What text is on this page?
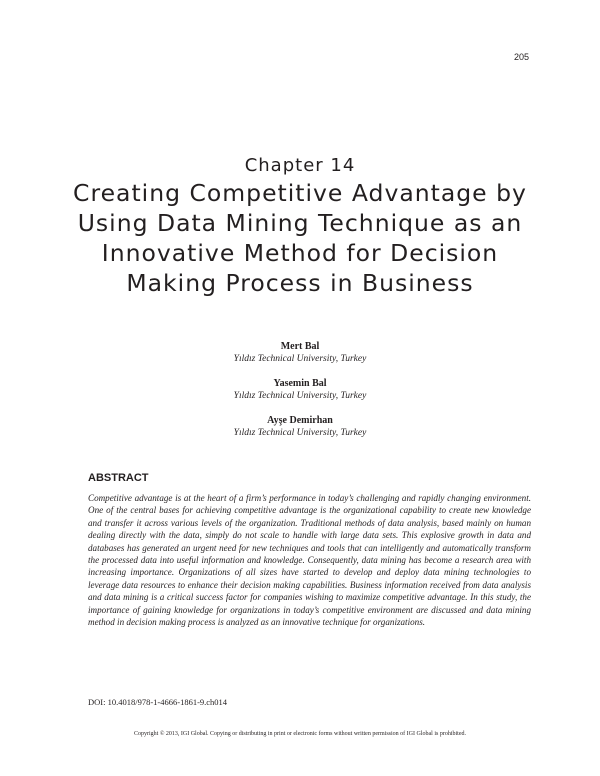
205
Chapter 14
Creating Competitive Advantage by Using Data Mining Technique as an Innovative Method for Decision Making Process in Business
Mert Bal
Yıldız Technical University, Turkey
Yasemin Bal
Yıldız Technical University, Turkey
Ayşe Demirhan
Yıldız Technical University, Turkey
ABSTRACT

Competitive advantage is at the heart of a firm’s performance in today’s challenging and rapidly changing environment. One of the central bases for achieving competitive advantage is the organizational capability to create new knowledge and transfer it across various levels of the organization. Traditional methods of data analysis, based mainly on human dealing directly with the data, simply do not scale to handle with large data sets. This explosive growth in data and databases has generated an urgent need for new techniques and tools that can intelligently and automatically transform the processed data into useful information and knowledge. Consequently, data mining has become a research area with increasing importance. Organizations of all sizes have started to develop and deploy data mining technologies to leverage data resources to enhance their decision making capabilities. Business information received from data analysis and data mining is a critical success factor for companies wishing to maximize competitive advantage. In this study, the importance of gaining knowledge for organizations in today’s competitive environment are discussed and data mining method in decision making process is analyzed as an innovative technique for organizations.

DOI: 10.4018/978-1-4666-1861-9.ch014
Copyright © 2013, IGI Global. Copying or distributing in print or electronic forms without written permission of IGI Global is prohibited.
